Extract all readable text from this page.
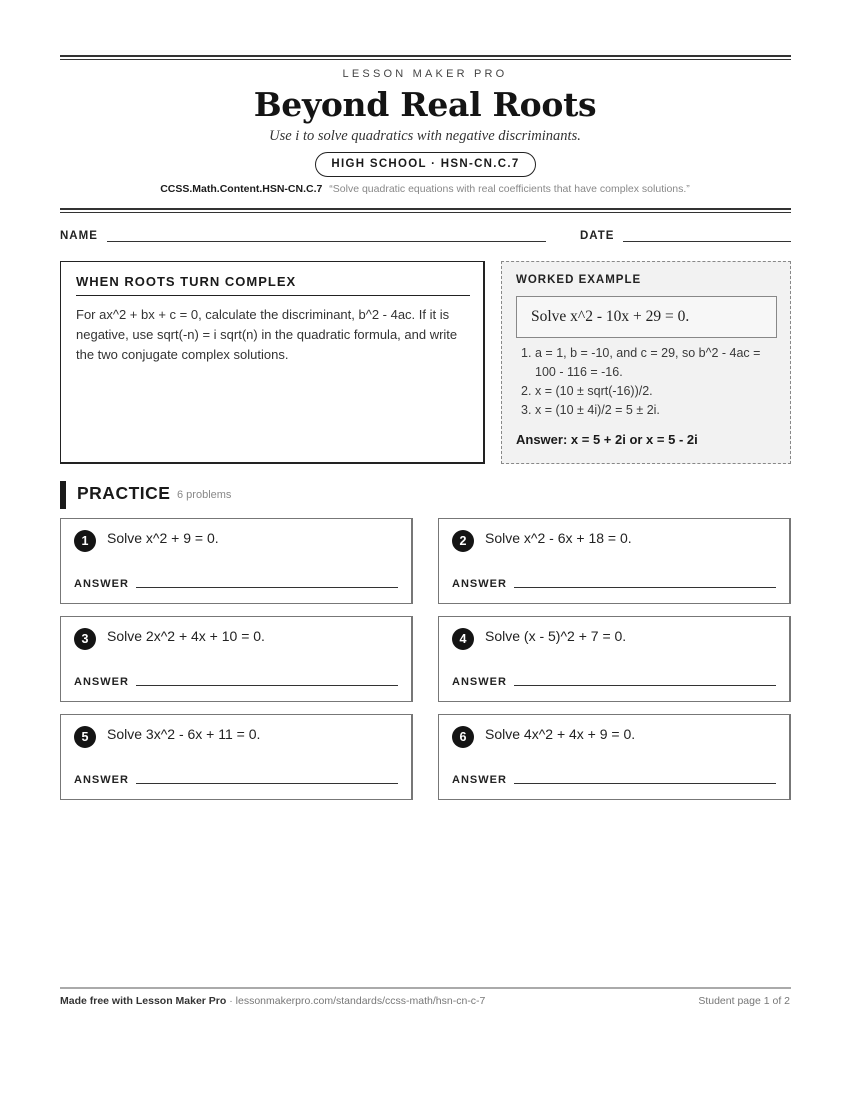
LESSON MAKER PRO
Beyond Real Roots
Use i to solve quadratics with negative discriminants.
HIGH SCHOOL · HSN-CN.C.7
CCSS.Math.Content.HSN-CN.C.7 “Solve quadratic equations with real coefficients that have complex solutions.”
NAME	DATE
WHEN ROOTS TURN COMPLEX
For ax^2 + bx + c = 0, calculate the discriminant, b^2 - 4ac. If it is negative, use sqrt(-n) = i sqrt(n) in the quadratic formula, and write the two conjugate complex solutions.
WORKED EXAMPLE
Solve x^2 - 10x + 29 = 0.
1. a = 1, b = -10, and c = 29, so b^2 - 4ac = 100 - 116 = -16.
2. x = (10 ± sqrt(-16))/2.
3. x = (10 ± 4i)/2 = 5 ± 2i.
Answer: x = 5 + 2i or x = 5 - 2i
PRACTICE 6 problems
1	Solve x^2 + 9 = 0.
ANSWER
2	Solve x^2 - 6x + 18 = 0.
ANSWER
3	Solve 2x^2 + 4x + 10 = 0.
ANSWER
4	Solve (x - 5)^2 + 7 = 0.
ANSWER
5	Solve 3x^2 - 6x + 11 = 0.
ANSWER
6	Solve 4x^2 + 4x + 9 = 0.
ANSWER
Made free with Lesson Maker Pro · lessonmakerpro.com/standards/ccss-math/hsn-cn-c-7	Student page 1 of 2
